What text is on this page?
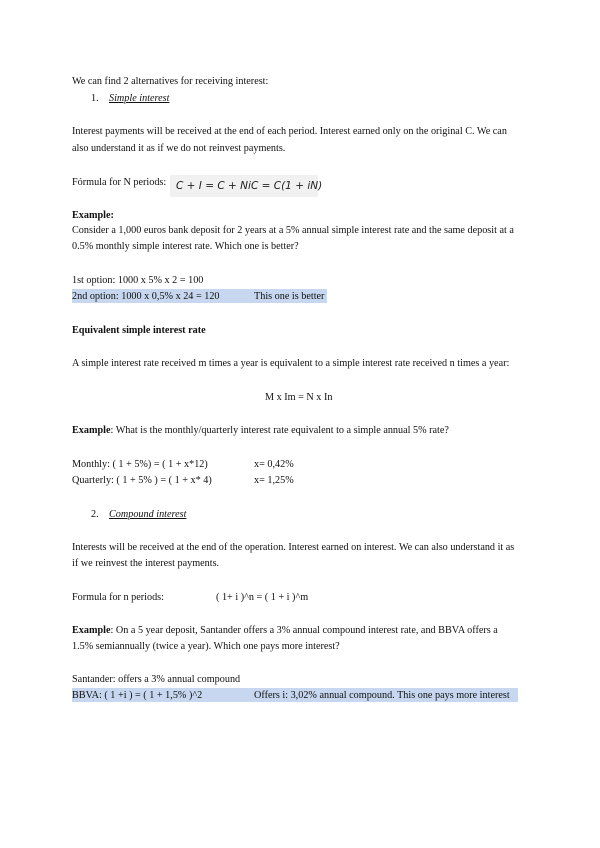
We can find 2 alternatives for receiving interest:
1. Simple interest
Interest payments will be received at the end of each period. Interest earned only on the original C. We can
also understand it as if we do not reinvest payments.
Fórmula for N periods: C + I = C + NiC = C(1 + iN)
Example:
Consider a 1,000 euros bank deposit for 2 years at a 5% annual simple interest rate and the same deposit at a
0.5% monthly simple interest rate. Which one is better?
1st option: 1000 x 5% x 2 = 100
2nd option: 1000 x 0,5% x 24 = 120	This one is better
Equivalent simple interest rate
A simple interest rate received m times a year is equivalent to a simple interest rate received n times a year:
M x Im = N x In
Example: What is the monthly/quarterly interest rate equivalent to a simple annual 5% rate?
Monthly: ( 1 + 5%) = ( 1 + x*12)	x= 0,42%
Quarterly: ( 1 + 5% ) = ( 1 + x* 4)	x= 1,25%
2. Compound interest
Interests will be received at the end of the operation. Interest earned on interest. We can also understand it as
if we reinvest the interest payments.
Formula for n periods:	( 1+ i )^n = ( 1 + i )^m
Example: On a 5 year deposit, Santander offers a 3% annual compound interest rate, and BBVA offers a
1.5% semiannually (twice a year). Which one pays more interest?
Santander: offers a 3% annual compound
BBVA: ( 1 +i ) = ( 1 + 1,5% )^2	Offers i: 3,02% annual compound. This one pays more interest
